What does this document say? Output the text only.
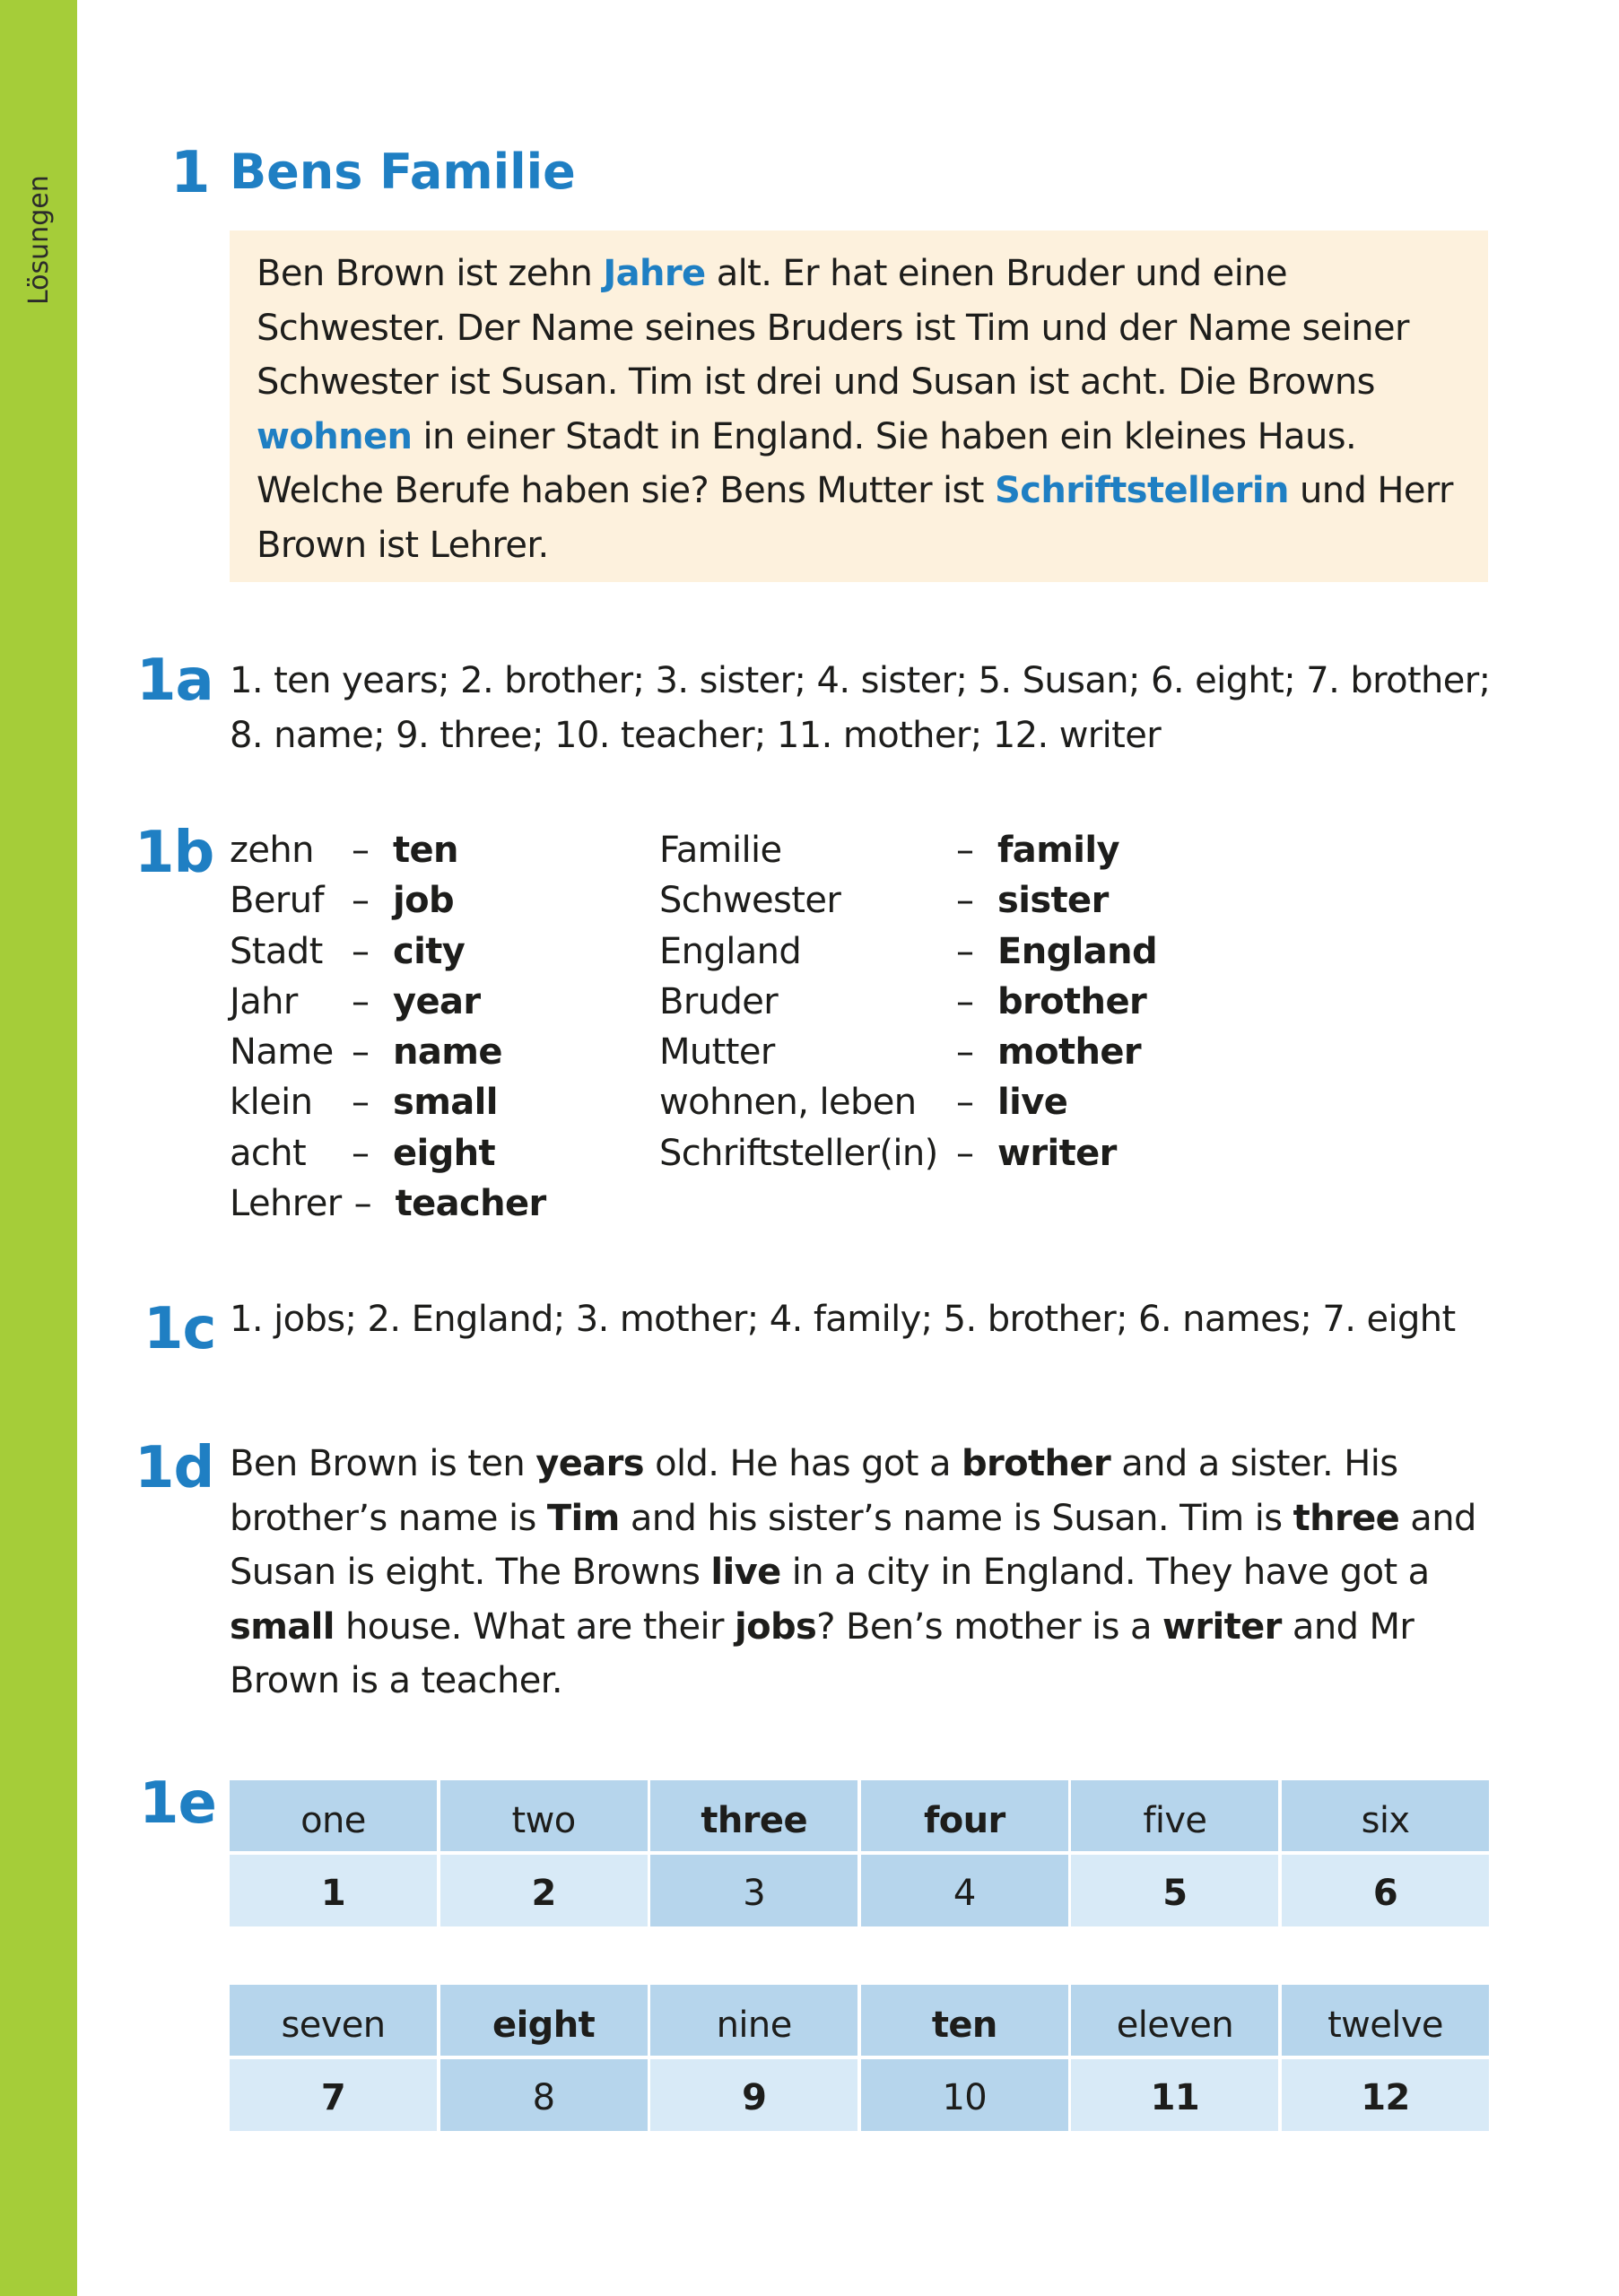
Lösungen
1 Bens Familie
Ben Brown ist zehn Jahre alt. Er hat einen Bruder und eine
Schwester. Der Name seines Bruders ist Tim und der Name seiner
Schwester ist Susan. Tim ist drei und Susan ist acht. Die Browns
wohnen in einer Stadt in England. Sie haben ein kleines Haus.
Welche Berufe haben sie? Bens Mutter ist Schriftstellerin und Herr
Brown ist Lehrer.
1a 1. ten years; 2. brother; 3. sister; 4. sister; 5. Susan; 6. eight; 7. brother;
8. name; 9. three; 10. teacher; 11. mother; 12. writer
1b zehn – ten
Beruf – job
Stadt – city
Jahr – year
Name – name
klein – small
acht – eight
Lehrer – teacher
Familie	– family
Schwester	– sister
England	– England
Bruder	– brother
Mutter	– mother
wohnen, leben – live
Schriftsteller(in) – writer
1c 1. jobs; 2. England; 3. mother; 4. family; 5. brother; 6. names; 7. eight
1d Ben Brown is ten years old. He has got a brother and a sister. His
brother’s name is Tim and his sister’s name is Susan. Tim is three and
Susan is eight. The Browns live in a city in England. They have got a
small house. What are their jobs? Ben’s mother is a writer and Mr
Brown is a teacher.
1e	one	two	three	four	five	six
1	2	3	4	5	6
seven	eight	nine	ten	eleven	twelve
7	8	9	10	11	12
